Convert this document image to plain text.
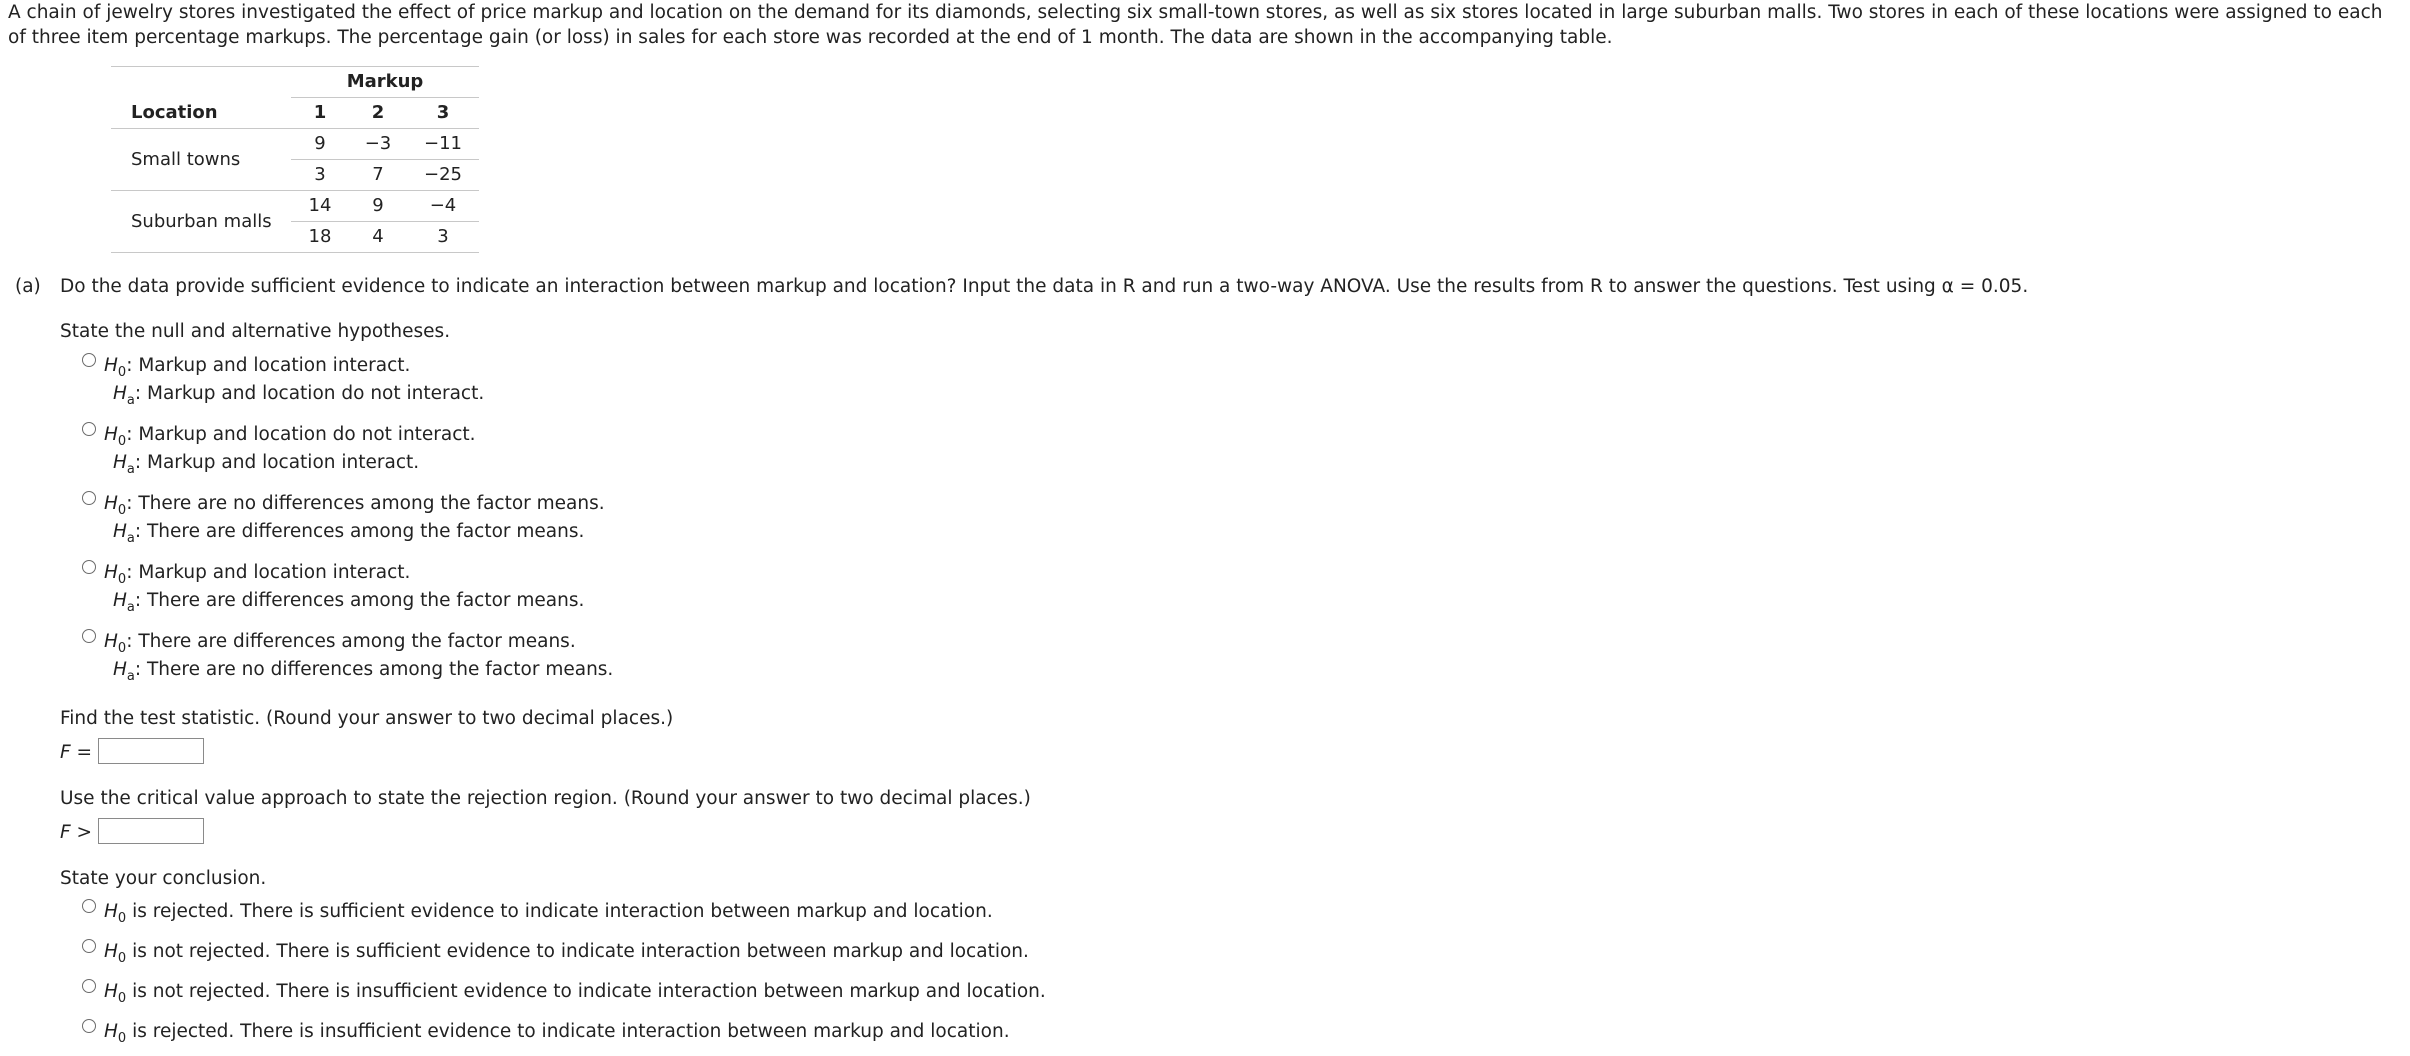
A chain of jewelry stores investigated the effect of price markup and location on the demand for its diamonds, selecting six small-town stores, as well as six stores located in large suburban malls. Two stores in each of these locations were assigned to each of three item percentage markups. The percentage gain (or loss) in sales for each store was recorded at the end of 1 month. The data are shown in the accompanying table.

	Markup		
Location	1	2	3
Small towns	9	−3	−11
	3	7	−25
Suburban malls	14	9	−4
	18	4	3
(a) Do the data provide sufficient evidence to indicate an interaction between markup and location? Input the data in R and run a two-way ANOVA. Use the results from R to answer the questions. Test using α = 0.05.
State the null and alternative hypotheses.
$H_0$: Markup and location interact.
$H_a$: Markup and location do not interact.
$H_0$: Markup and location do not interact.
$H_a$: Markup and location interact.
$H_0$: There are no differences among the factor means.
$H_a$: There are differences among the factor means.
$H_0$: Markup and location interact.
$H_a$: There are differences among the factor means.
$H_0$: There are differences among the factor means.
$H_a$: There are no differences among the factor means.
Find the test statistic. (Round your answer to two decimal places.)
F =
Use the critical value approach to state the rejection region. (Round your answer to two decimal places.)
F >
State your conclusion.
$H_0$ is rejected. There is sufficient evidence to indicate interaction between markup and location.
$H_0$ is not rejected. There is sufficient evidence to indicate interaction between markup and location.
$H_0$ is not rejected. There is insufficient evidence to indicate interaction between markup and location.
$H_0$ is rejected. There is insufficient evidence to indicate interaction between markup and location.
